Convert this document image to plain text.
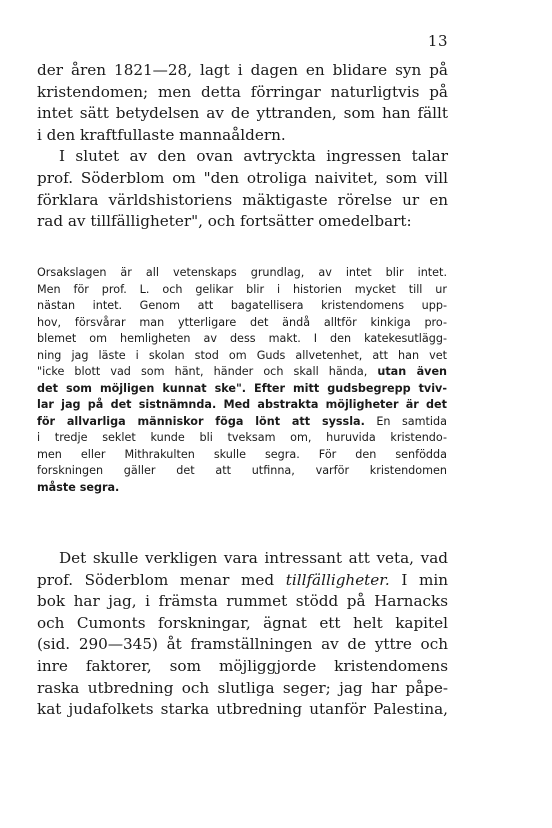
13
der åren 1821—28, lagt i dagen en blidare syn på
kristendomen; men detta förringar naturligtvis på
intet sätt betydelsen av de yttranden, som han fällt
i den kraftfullaste mannaåldern.
I slutet av den ovan avtryckta ingressen talar
prof. Söderblom om "den otroliga naivitet, som vill
förklara världshistoriens mäktigaste rörelse ur en
rad av tillfälligheter", och fortsätter omedelbart:
Orsakslagen är all vetenskaps grundlag, av intet blir intet.
Men för prof. L. och gelikar blir i historien mycket till ur
nästan intet. Genom att bagatellisera kristendomens upp-
hov, försvårar man ytterligare det ändå alltför kinkiga pro-
blemet om hemligheten av dess makt. I den katekesutlägg-
ning jag läste i skolan stod om Guds allvetenhet, att han vet
"icke blott vad som hänt, händer och skall hända, utan även
det som möjligen kunnat ske". Efter mitt gudsbegrepp tviv-
lar jag på det sistnämnda. Med abstrakta möjligheter är det
för allvarliga människor föga lönt att syssla. En samtida
i tredje seklet kunde bli tveksam om, huruvida kristendo-
men eller Mithrakulten skulle segra. För den senfödda
forskningen gäller det att utfinna, varför kristendomen
måste segra.
Det skulle verkligen vara intressant att veta, vad
prof. Söderblom menar med tillfälligheter. I min
bok har jag, i främsta rummet stödd på Harnacks
och Cumonts forskningar, ägnat ett helt kapitel
(sid. 290—345) åt framställningen av de yttre och
inre faktorer, som möjliggjorde kristendomens
raska utbredning och slutliga seger; jag har påpe-
kat judafolkets starka utbredning utanför Palestina,
